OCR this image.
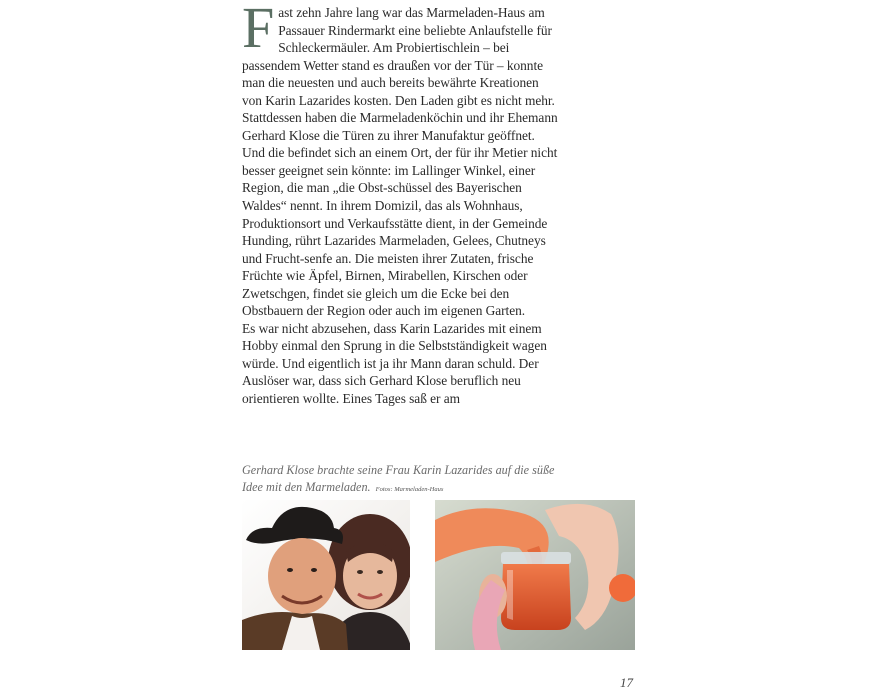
Fast zehn Jahre lang war das Marmeladen-Haus am Passauer Rindermarkt eine beliebte Anlaufstelle für Schleckermäuler. Am Probiertischlein – bei passendem Wetter stand es draußen vor der Tür – konnte man die neuesten und auch bereits bewährte Kreationen von Karin Lazarides kosten. Den Laden gibt es nicht mehr. Stattdessen haben die Marmeladenköchin und ihr Ehemann Gerhard Klose die Türen zu ihrer Manufaktur geöffnet. Und die befindet sich an einem Ort, der für ihr Metier nicht besser geeignet sein könnte: im Lallinger Winkel, einer Region, die man „die Obst-schüssel des Bayerischen Waldes“ nennt. In ihrem Domizil, das als Wohnhaus, Produktionsort und Verkaufsstätte dient, in der Gemeinde Hunding, rührt Lazarides Marmeladen, Gelees, Chutneys und Frucht-senfe an. Die meisten ihrer Zutaten, frische Früchte wie Äpfel, Birnen, Mirabellen, Kirschen oder Zwetschgen, findet sie gleich um die Ecke bei den Obstbauern der Region oder auch im eigenen Garten.

Es war nicht abzusehen, dass Karin Lazarides mit einem Hobby einmal den Sprung in die Selbstständigkeit wagen würde. Und eigentlich ist ja ihr Mann daran schuld. Der Auslöser war, dass sich Gerhard Klose beruflich neu orientieren wollte. Eines Tages saß er am

Gerhard Klose brachte seine Frau Karin Lazarides auf die süße Idee mit den Marmeladen. Fotos: Marmeladen-Haus
17
